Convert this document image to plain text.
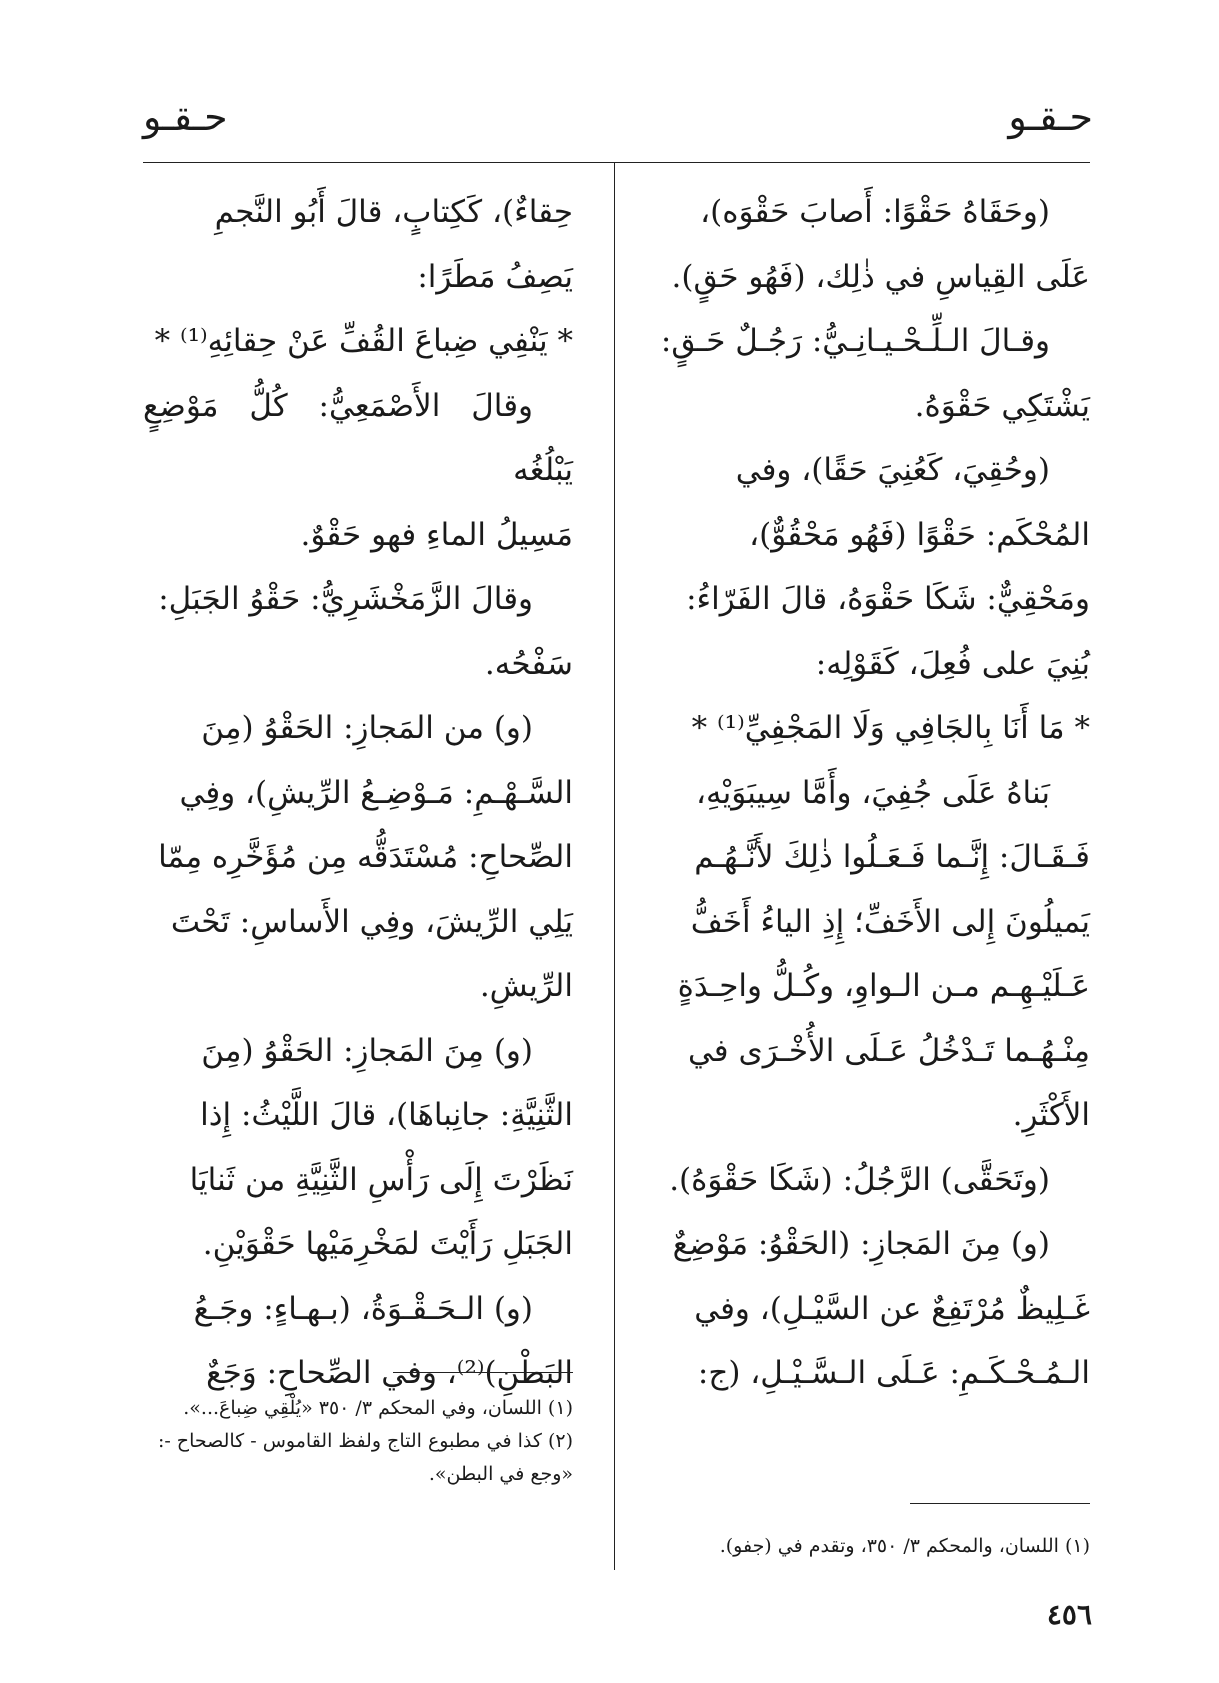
حـقـو
حـقـو

(وحَقَاهُ حَقْوًا: أَصابَ حَقْوَه)،

عَلَى القِياسِ في ذٰلِك، (فَهُو حَقٍ).

وقـالَ الـلِّـحْـيـانِـيُّ: رَجُـلٌ حَـقٍ:

يَشْتَكِي حَقْوَهُ.

(وحُقِيَ، كَعُنِيَ حَقًا)، وفي

المُحْكَم: حَقْوًا (فَهُو مَحْقُوٌّ)،

ومَحْقِيٌّ: شَكَا حَقْوَهُ، قالَ الفَرّاءُ:

بُنِيَ على فُعِلَ، كَقَوْلِه:

* مَا أَنَا بِالجَافِي وَلَا المَجْفِيِّ⁽¹⁾ *

بَناهُ عَلَى جُفِيَ، وأَمَّا سِيبَوَيْهِ،

فَـقَـالَ: إِنَّـما فَـعَـلُوا ذٰلِكَ لأَنَّـهُـم

يَميلُونَ إِلى الأَخَفِّ؛ إِذِ الياءُ أَخَفُّ

عَـلَيْـهِـم مـن الـواوِ، وكُـلُّ واحِـدَةٍ

مِنْـهُـما تَـدْخُلُ عَـلَى الأُخْـرَى في

الأَكْثَرِ.

(وتَحَقَّى) الرَّجُلُ: (شَكَا حَقْوَهُ).

(و) مِنَ المَجازِ: (الحَقْوُ: مَوْضِعٌ

غَـلِيظٌ مُرْتَفِعٌ عن السَّيْـلِ)، وفي

الـمُـحْـكَـمِ: عَـلَى الـسَّـيْـلِ، (ج:

حِقاءٌ)، كَكِتابٍ، قالَ أَبُو النَّجمِ

يَصِفُ مَطَرًا:

* يَنْفِي ضِباعَ القُفِّ عَنْ حِقائِهِ⁽¹⁾ *

وقالَ الأَصْمَعِيُّ: كُلُّ مَوْضِعٍ يَبْلُغُه

مَسِيلُ الماءِ فهو حَقْوٌ.

وقالَ الزَّمَخْشَرِيُّ: حَقْوُ الجَبَلِ:

سَفْحُه.

(و) من المَجازِ: الحَقْوُ (مِنَ

السَّـهْـمِ: مَـوْضِـعُ الرِّيشِ)، وفِي

الصِّحاحِ: مُسْتَدَقُّه مِن مُؤَخَّرِه مِمّا

يَلِي الرِّيشَ، وفِي الأَساسِ: تَحْتَ

الرِّيشِ.

(و) مِنَ المَجازِ: الحَقْوُ (مِنَ

الثَّنِيَّةِ: جانِباهَا)، قالَ اللَّيْثُ: إِذا

نَظَرْتَ إِلَى رَأْسِ الثَّنِيَّةِ من ثَنايَا

الجَبَلِ رَأَيْتَ لمَخْرِمَيْها حَقْوَيْنِ.

(و) الـحَـقْـوَةُ، (بـهـاءٍ: وجَـعُ

البَطْنِ)⁽²⁾، وفي الصِّحاحِ: وَجَعٌ

(١) اللسان، والمحكم ٣/ ٣٥٠، وتقدم في (جفو).

(١) اللسان، وفي المحكم ٣/ ٣٥٠ «يُلْقِي ضِباعَ...».

(٢) كذا في مطبوع التاج ولفظ القاموس - كالصحاح -: «وجع في البطن».

٤٥٦
